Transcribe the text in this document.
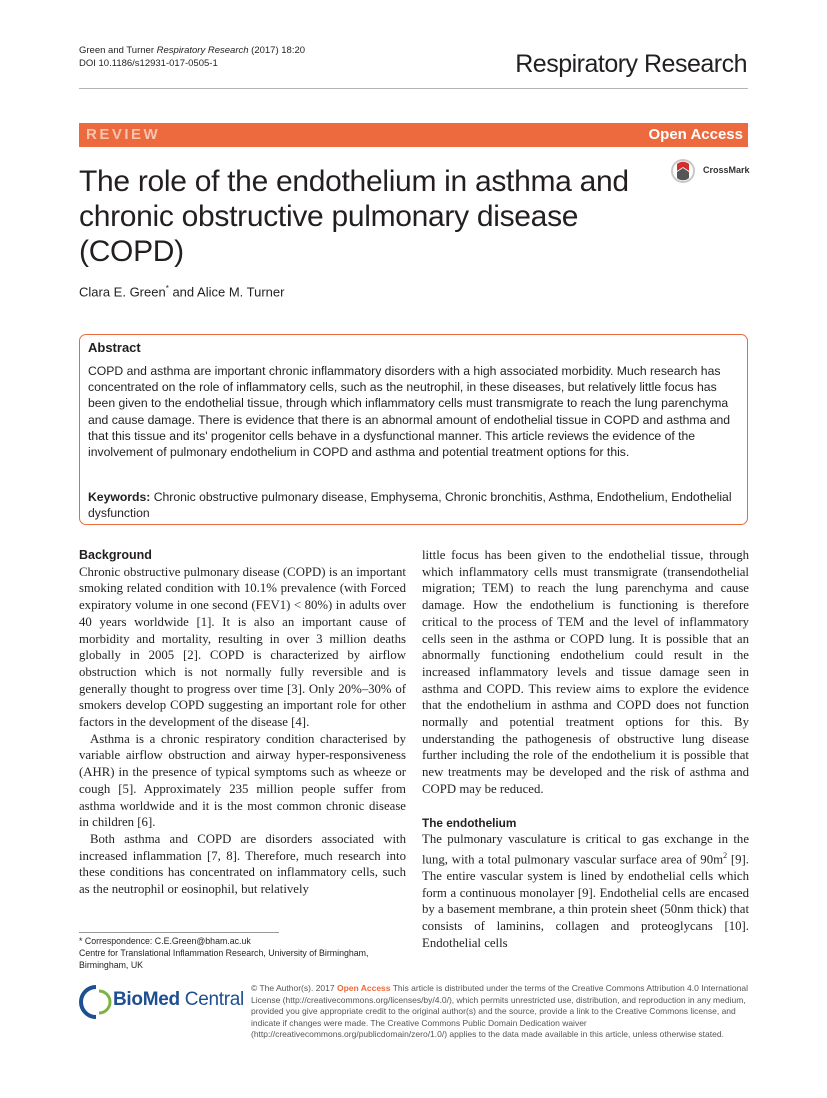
Green and Turner Respiratory Research (2017) 18:20
DOI 10.1186/s12931-017-0505-1	Respiratory Research
REVIEW	Open Access
The role of the endothelium in asthma and chronic obstructive pulmonary disease (COPD)
CrossMark
Clara E. Green* and Alice M. Turner
Abstract
COPD and asthma are important chronic inflammatory disorders with a high associated morbidity. Much research has concentrated on the role of inflammatory cells, such as the neutrophil, in these diseases, but relatively little focus has been given to the endothelial tissue, through which inflammatory cells must transmigrate to reach the lung parenchyma and cause damage. There is evidence that there is an abnormal amount of endothelial tissue in COPD and asthma and that this tissue and its' progenitor cells behave in a dysfunctional manner. This article reviews the evidence of the involvement of pulmonary endothelium in COPD and asthma and potential treatment options for this.
Keywords: Chronic obstructive pulmonary disease, Emphysema, Chronic bronchitis, Asthma, Endothelium, Endothelial dysfunction
Background

Chronic obstructive pulmonary disease (COPD) is an important smoking related condition with 10.1% prevalence (with Forced expiratory volume in one second (FEV1) < 80%) in adults over 40 years worldwide [1]. It is also an important cause of morbidity and mortality, resulting in over 3 million deaths globally in 2005 [2]. COPD is characterized by airflow obstruction which is not normally fully reversible and is generally thought to progress over time [3]. Only 20%–30% of smokers develop COPD suggesting an important role for other factors in the development of the disease [4].

Asthma is a chronic respiratory condition characterised by variable airflow obstruction and airway hyper-responsiveness (AHR) in the presence of typical symptoms such as wheeze or cough [5]. Approximately 235 million people suffer from asthma worldwide and it is the most common chronic disease in children [6].

Both asthma and COPD are disorders associated with increased inflammation [7, 8]. Therefore, much research into these conditions has concentrated on inflammatory cells, such as the neutrophil or eosinophil, but relatively

* Correspondence: C.E.Green@bham.ac.uk
Centre for Translational Inflammation Research, University of Birmingham, Birmingham, UK

little focus has been given to the endothelial tissue, through which inflammatory cells must transmigrate (transendothelial migration; TEM) to reach the lung parenchyma and cause damage. How the endothelium is functioning is therefore critical to the process of TEM and the level of inflammatory cells seen in the asthma or COPD lung. It is possible that an abnormally functioning endothelium could result in the increased inflammatory levels and tissue damage seen in asthma and COPD. This review aims to explore the evidence that the endothelium in asthma and COPD does not function normally and potential treatment options for this. By understanding the pathogenesis of obstructive lung disease further including the role of the endothelium it is possible that new treatments may be developed and the risk of asthma and COPD may be reduced.

The endothelium

The pulmonary vasculature is critical to gas exchange in the lung, with a total pulmonary vascular surface area of $90m^2$ [9]. The entire vascular system is lined by endothelial cells which form a continuous monolayer [9]. Endothelial cells are encased by a basement membrane, a thin protein sheet (50nm thick) that consists of laminins, collagen and proteoglycans [10]. Endothelial cells

BioMed Central
© The Author(s). 2017 Open Access This article is distributed under the terms of the Creative Commons Attribution 4.0 International License (http://creativecommons.org/licenses/by/4.0/), which permits unrestricted use, distribution, and reproduction in any medium, provided you give appropriate credit to the original author(s) and the source, provide a link to the Creative Commons license, and indicate if changes were made. The Creative Commons Public Domain Dedication waiver (http://creativecommons.org/publicdomain/zero/1.0/) applies to the data made available in this article, unless otherwise stated.
